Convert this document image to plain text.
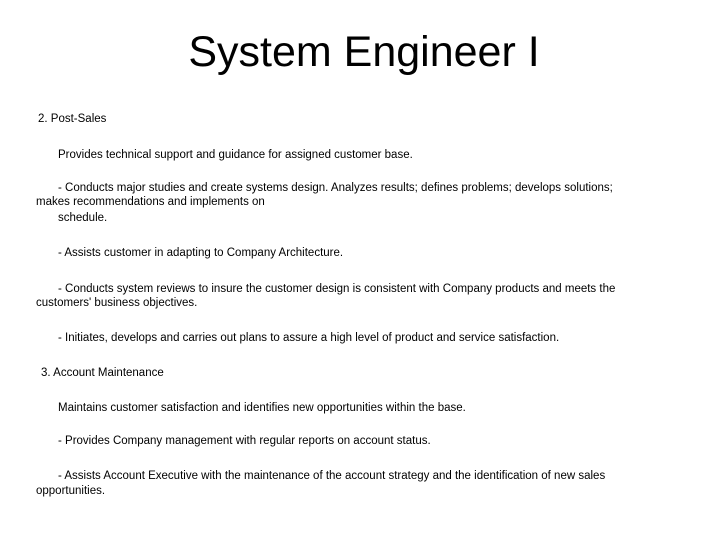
System Engineer I
2. Post-Sales
Provides technical support and guidance for assigned customer base.
- Conducts major studies and create systems design. Analyzes results; defines problems; develops solutions;
makes recommendations and implements on
schedule.
- Assists customer in adapting to Company Architecture.
- Conducts system reviews to insure the customer design is consistent with Company products and meets the
customers' business objectives.
- Initiates, develops and carries out plans to assure a high level of product and service satisfaction.
3. Account Maintenance
Maintains customer satisfaction and identifies new opportunities within the base.
- Provides Company management with regular reports on account status.
- Assists Account Executive with the maintenance of the account strategy and the identification of new sales
opportunities.
